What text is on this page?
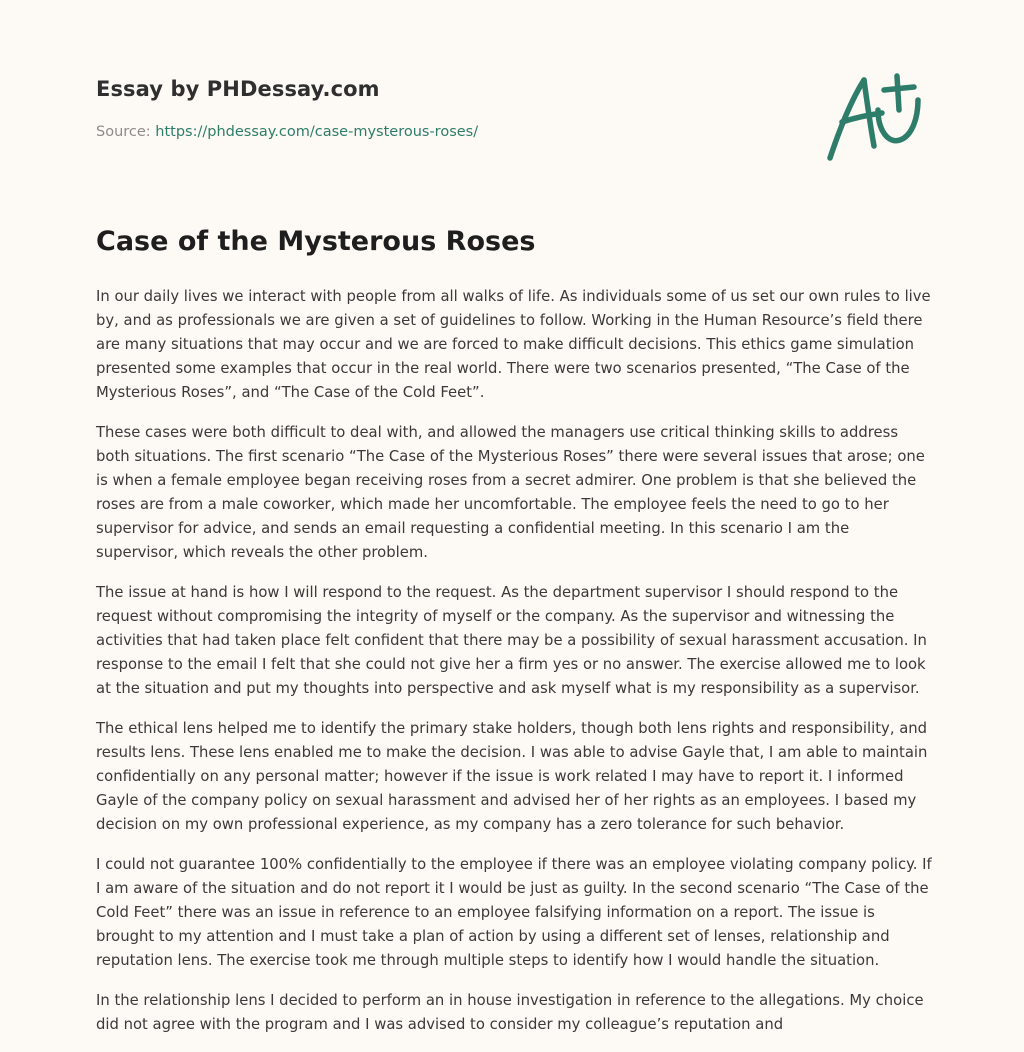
Essay by PHDessay.com
Source: https://phdessay.com/case-mysterous-roses/
Case of the Mysterous Roses

In our daily lives we interact with people from all walks of life. As individuals some of us set our own rules to live by, and as professionals we are given a set of guidelines to follow. Working in the Human Resource’s field there are many situations that may occur and we are forced to make difficult decisions. This ethics game simulation presented some examples that occur in the real world. There were two scenarios presented, “The Case of the Mysterious Roses”, and “The Case of the Cold Feet”.

These cases were both difficult to deal with, and allowed the managers use critical thinking skills to address both situations. The first scenario “The Case of the Mysterious Roses” there were several issues that arose; one is when a female employee began receiving roses from a secret admirer. One problem is that she believed the roses are from a male coworker, which made her uncomfortable. The employee feels the need to go to her supervisor for advice, and sends an email requesting a confidential meeting. In this scenario I am the supervisor, which reveals the other problem.

The issue at hand is how I will respond to the request. As the department supervisor I should respond to the request without compromising the integrity of myself or the company. As the supervisor and witnessing the activities that had taken place felt confident that there may be a possibility of sexual harassment accusation. In response to the email I felt that she could not give her a firm yes or no answer. The exercise allowed me to look at the situation and put my thoughts into perspective and ask myself what is my responsibility as a supervisor.

The ethical lens helped me to identify the primary stake holders, though both lens rights and responsibility, and results lens. These lens enabled me to make the decision. I was able to advise Gayle that, I am able to maintain confidentially on any personal matter; however if the issue is work related I may have to report it. I informed Gayle of the company policy on sexual harassment and advised her of her rights as an employees. I based my decision on my own professional experience, as my company has a zero tolerance for such behavior.

I could not guarantee 100% confidentially to the employee if there was an employee violating company policy. If I am aware of the situation and do not report it I would be just as guilty. In the second scenario “The Case of the Cold Feet” there was an issue in reference to an employee falsifying information on a report. The issue is brought to my attention and I must take a plan of action by using a different set of lenses, relationship and reputation lens. The exercise took me through multiple steps to identify how I would handle the situation.

In the relationship lens I decided to perform an in house investigation in reference to the allegations. My choice did not agree with the program and I was advised to consider my colleague’s reputation and
